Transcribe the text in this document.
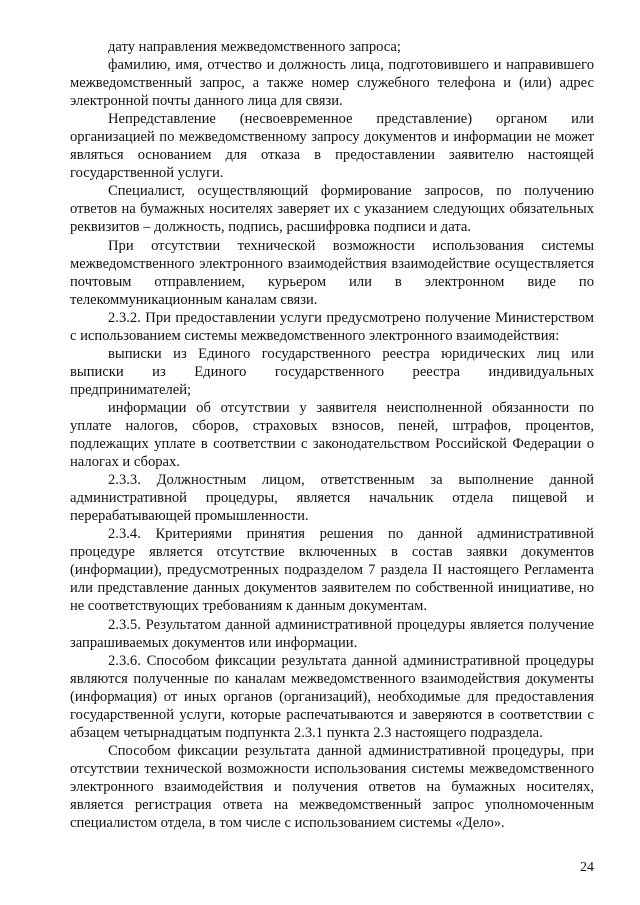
дату направления межведомственного запроса;

фамилию, имя, отчество и должность лица, подготовившего и направившего межведомственный запрос, а также номер служебного телефона и (или) адрес электронной почты данного лица для связи.

Непредставление (несвоевременное представление) органом или организацией по межведомственному запросу документов и информации не может являться основанием для отказа в предоставлении заявителю настоящей государственной услуги.

Специалист, осуществляющий формирование запросов, по получению ответов на бумажных носителях заверяет их с указанием следующих обязательных реквизитов – должность, подпись, расшифровка подписи и дата.

При отсутствии технической возможности использования системы межведомственного электронного взаимодействия взаимодействие осуществляется почтовым отправлением, курьером или в электронном виде по телекоммуникационным каналам связи.

2.3.2. При предоставлении услуги предусмотрено получение Министерством с использованием системы межведомственного электронного взаимодействия:

выписки из Единого государственного реестра юридических лиц или выписки из Единого государственного реестра индивидуальных предпринимателей;

информации об отсутствии у заявителя неисполненной обязанности по уплате налогов, сборов, страховых взносов, пеней, штрафов, процентов, подлежащих уплате в соответствии с законодательством Российской Федерации о налогах и сборах.

2.3.3. Должностным лицом, ответственным за выполнение данной административной процедуры, является начальник отдела пищевой и перерабатывающей промышленности.

2.3.4. Критериями принятия решения по данной административной процедуре является отсутствие включенных в состав заявки документов (информации), предусмотренных подразделом 7 раздела II настоящего Регламента или представление данных документов заявителем по собственной инициативе, но не соответствующих требованиям к данным документам.

2.3.5. Результатом данной административной процедуры является получение запрашиваемых документов или информации.

2.3.6. Способом фиксации результата данной административной процедуры являются полученные по каналам межведомственного взаимодействия документы (информация) от иных органов (организаций), необходимые для предоставления государственной услуги, которые распечатываются и заверяются в соответствии с абзацем четырнадцатым подпункта 2.3.1 пункта 2.3 настоящего подраздела.

Способом фиксации результата данной административной процедуры, при отсутствии технической возможности использования системы межведомственного электронного взаимодействия и получения ответов на бумажных носителях, является регистрация ответа на межведомственный запрос уполномоченным специалистом отдела, в том числе с использованием системы «Дело».

24
